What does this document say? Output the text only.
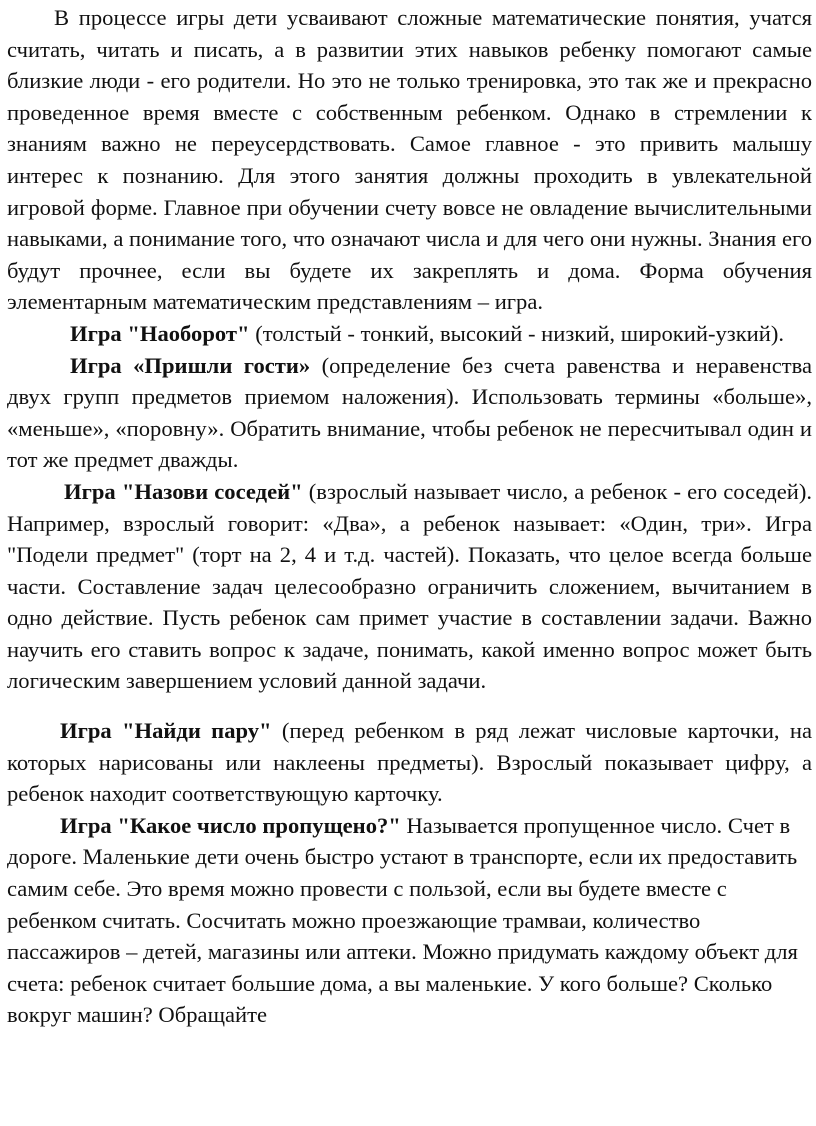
В процессе игры дети усваивают сложные математические понятия, учатся считать, читать и писать, а в развитии этих навыков ребенку помогают самые близкие люди - его родители. Но это не только тренировка, это так же и прекрасно проведенное время вместе с собственным ребенком. Однако в стремлении к знаниям важно не переусердствовать. Самое главное - это привить малышу интерес к познанию. Для этого занятия должны проходить в увлекательной игровой форме. Главное при обучении счету вовсе не овладение вычислительными навыками, а понимание того, что означают числа и для чего они нужны. Знания его будут прочнее, если вы будете их закреплять и дома. Форма обучения элементарным математическим представлениям – игра.

Игра "Наоборот" (толстый - тонкий, высокий - низкий, широкий-узкий).

Игра «Пришли гости» (определение без счета равенства и неравенства двух групп предметов приемом наложения). Использовать термины «больше», «меньше», «поровну». Обратить внимание, чтобы ребенок не пересчитывал один и тот же предмет дважды.

Игра "Назови соседей" (взрослый называет число, а ребенок - его соседей). Например, взрослый говорит: «Два», а ребенок называет: «Один, три». Игра "Подели предмет" (торт на 2, 4 и т.д. частей). Показать, что целое всегда больше части. Составление задач целесообразно ограничить сложением, вычитанием в одно действие. Пусть ребенок сам примет участие в составлении задачи. Важно научить его ставить вопрос к задаче, понимать, какой именно вопрос может быть логическим завершением условий данной задачи.

Игра "Найди пару" (перед ребенком в ряд лежат числовые карточки, на которых нарисованы или наклеены предметы). Взрослый показывает цифру, а ребенок находит соответствующую карточку.

Игра "Какое число пропущено?" Называется пропущенное число. Счет в дороге. Маленькие дети очень быстро устают в транспорте, если их предоставить самим себе. Это время можно провести с пользой, если вы будете вместе с ребенком считать. Сосчитать можно проезжающие трамваи, количество пассажиров – детей, магазины или аптеки. Можно придумать каждому объект для счета: ребенок считает большие дома, а вы маленькие. У кого больше? Сколько вокруг машин? Обращайте
